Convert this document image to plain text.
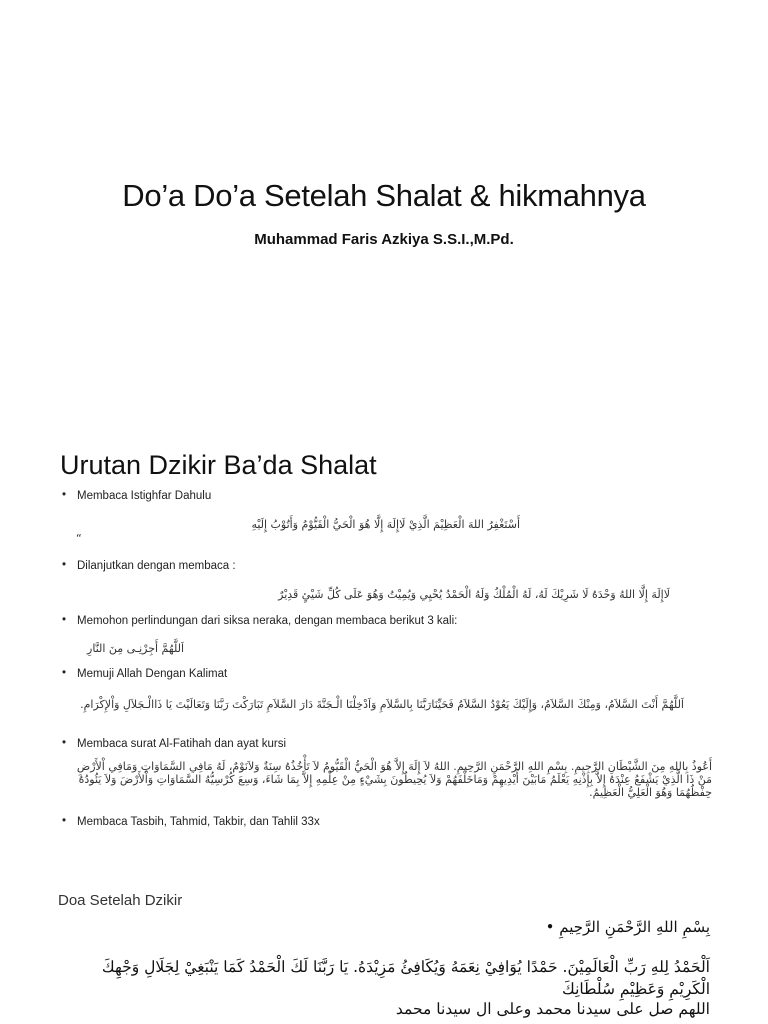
Do’a Do’a Setelah Shalat & hikmahnya
Muhammad Faris Azkiya S.S.I.,M.Pd.
Urutan Dzikir Ba’da Shalat
• Membaca Istighfar Dahulu
أَسْتَغْفِرُ اللهَ الْعَظِيْمَ الَّذِيْ لَاإِلَهَ إِلَّا هُوَ الْحَيُّ الْقَيُّوْمُ وَأَتُوْبُ إِلَيْهِ
“
• Dilanjutkan dengan membaca :
لَاإِلَهَ إِلَّا اللهُ وَحْدَهُ لَا شَرِيْكَ لَهُ، لَهُ الْمُلْكُ وَلَهُ الْحَمْدُ يُحْيِي وَيُمِيْتُ وَهُوَ عَلَى كُلِّ شَيْئٍ قَدِيْرٌ
• Memohon perlindungan dari siksa neraka, dengan membaca berikut 3 kali:
اَللَّهُمَّ أَجِرْنِـى مِنَ النَّارِ
• Memuji Allah Dengan Kalimat
اَللَّهُمَّ أَنْتَ السَّلاَمُ، وَمِنْكَ السَّلاَمُ، وَإِلَيْكَ يَعُوْدُ السَّلاَمُ فَحَيِّنَارَبَّنَا بِالسَّلاَمِ وَاَدْخِلْنَا الْـجَنَّةَ دَارَ السَّلاَمِ تَبَارَكْتَ رَبَّنَا وَتَعَالَيْتَ يَا ذَاالْـجَلاَلِ وَاْلإِكْرَامِ.
• Membaca surat Al-Fatihah dan ayat kursi
أَعُوذُ بِاللهِ مِنَ الشَّيْطَانِ الرَّجِيمِ. بِسْمِ اللهِ الرَّحْمَنِ الرَّحِيمِ. اللهُ لاَ إِلَهَ إِلاَّ هُوَ الْحَيُّ الْقَيُّومُ لاَ تَأْخُذُهُ سِنَةٌ وَلاَنَوْمٌ، لَهُ مَافِي السَّمَاوَاتِ وَمَافِي اْلأَرْضِ مَنْ ذَا الَّذِيْ يَشْفَعُ عِنْدَهُ إِلاَّ بِإِذْنِهِ يَعْلَمُ مَابَيْنَ أَيْدِيهِمْ وَمَاخَلْفَهُمْ وَلاَ يُحِيطُونَ بِشَيْءٍ مِنْ عِلْمِهِ إِلاَّ بِمَا شَاءَ، وَسِعَ كُرْسِيُّهُ السَّمَاوَاتِ وَاْلأَرْضَ وَلاَ يَئُودُهُ حِفْظُهُمَا وَهُوَ الْعَلِيُّ الْعَظِيمُ.
• Membaca Tasbih, Tahmid, Takbir, dan Tahlil 33x
Doa Setelah Dzikir
بِسْمِ اللهِ الرَّحْمَنِ الرَّحِيمِ •
اَلْحَمْدُ لِلهِ رَبِّ الْعَالَمِيْنَ. حَمْدًا يُوَافِيْ نِعَمَهُ وَيُكَافِئُ مَزِيْدَهُ. يَا رَبَّنَا لَكَ الْحَمْدُ كَمَا يَنْبَغِيْ لِجَلَالِ وَجْهِكَ الْكَرِيْمِ وَعَظِيْمِ سُلْطَانِكَ
اللهم صل على سيدنا محمد وعلى ال سيدنا محمد
